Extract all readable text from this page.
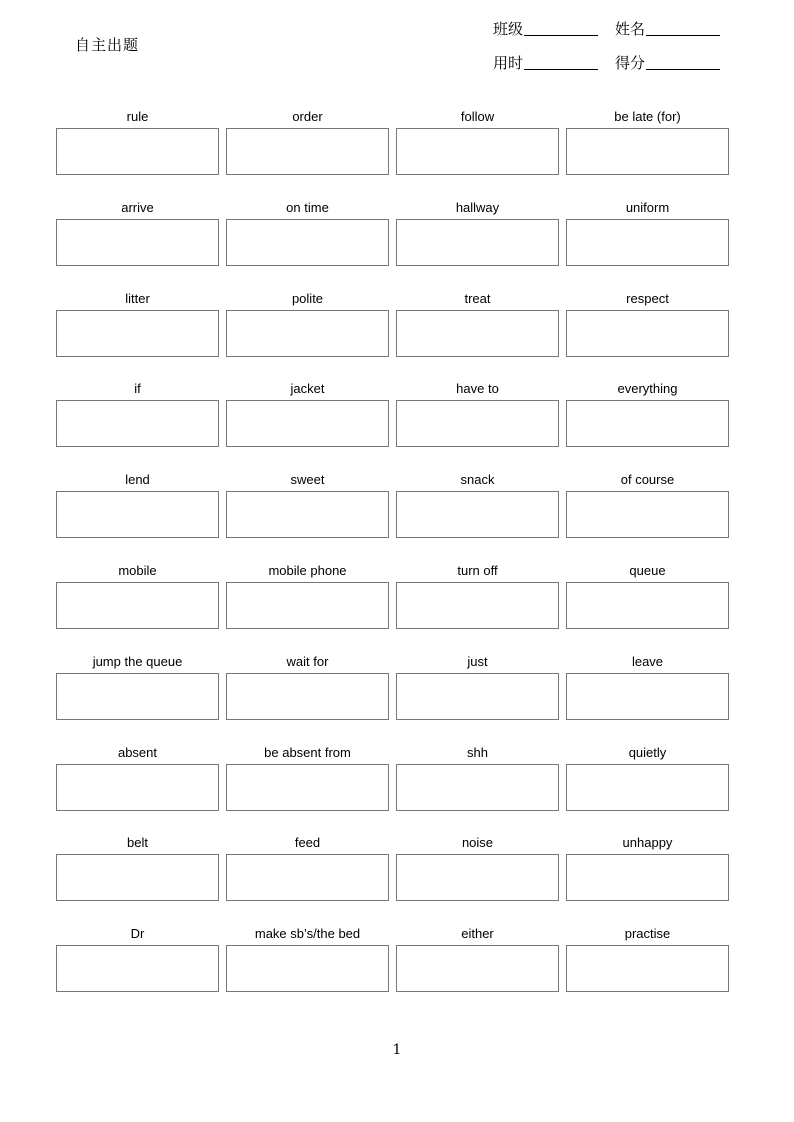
自主出题
班级	姓名
用时	得分
rule	order	follow	be late (for)
arrive	on time	hallway	uniform
litter	polite	treat	respect
if	jacket	have to	everything
lend	sweet	snack	of course
mobile	mobile phone	turn off	queue
jump the queue	wait for	just	leave
absent	be absent from	shh	quietly
belt	feed	noise	unhappy
Dr	make sb’s/the bed	either	practise
1
